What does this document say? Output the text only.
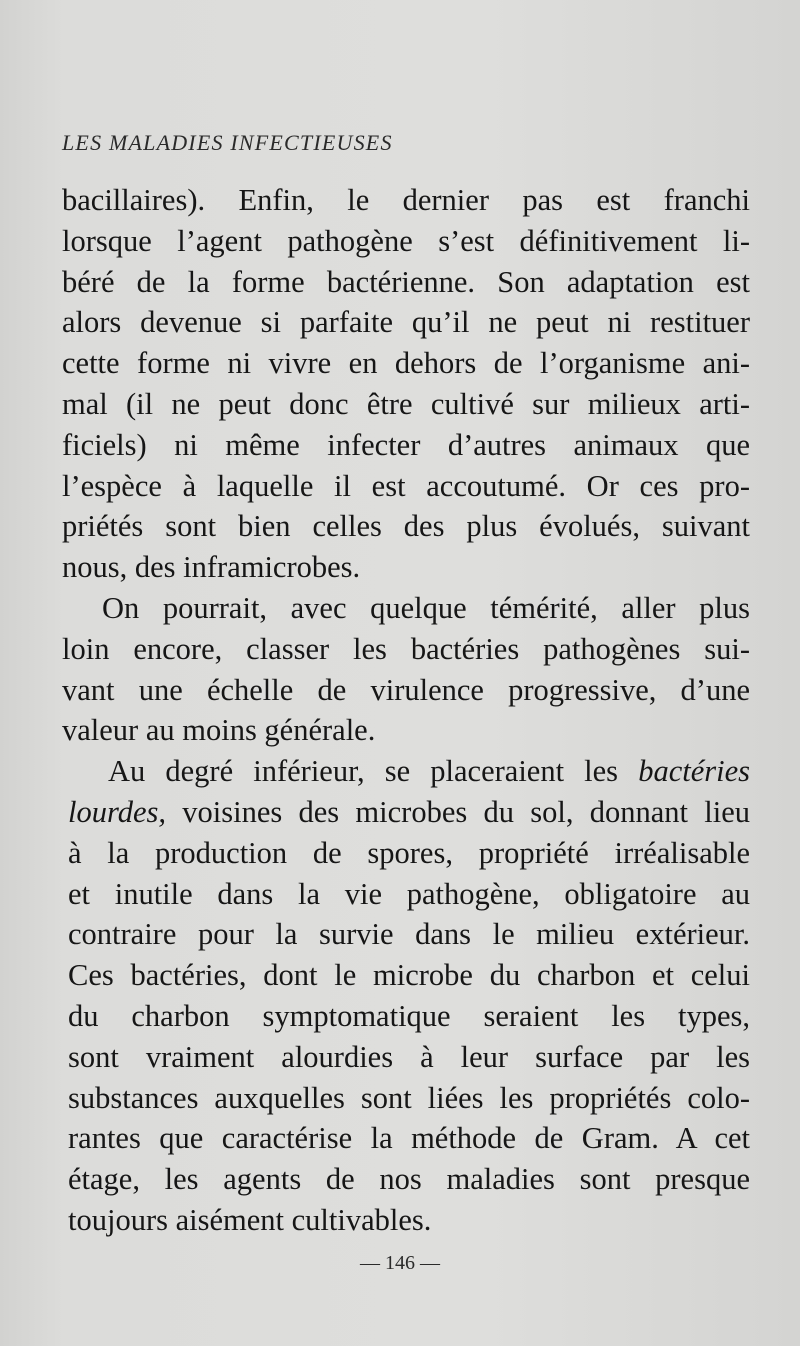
LES MALADIES INFECTIEUSES
bacillaires). Enfin, le dernier pas est franchi
lorsque l’agent pathogène s’est définitivement li-
béré de la forme bactérienne. Son adaptation est
alors devenue si parfaite qu’il ne peut ni restituer
cette forme ni vivre en dehors de l’organisme ani-
mal (il ne peut donc être cultivé sur milieux arti-
ficiels) ni même infecter d’autres animaux que
l’espèce à laquelle il est accoutumé. Or ces pro-
priétés sont bien celles des plus évolués, suivant
nous, des inframicrobes.
On pourrait, avec quelque témérité, aller plus
loin encore, classer les bactéries pathogènes sui-
vant une échelle de virulence progressive, d’une
valeur au moins générale.
Au degré inférieur, se placeraient les bactéries
lourdes, voisines des microbes du sol, donnant lieu
à la production de spores, propriété irréalisable
et inutile dans la vie pathogène, obligatoire au
contraire pour la survie dans le milieu extérieur.
Ces bactéries, dont le microbe du charbon et celui
du charbon symptomatique seraient les types,
sont vraiment alourdies à leur surface par les
substances auxquelles sont liées les propriétés colo-
rantes que caractérise la méthode de Gram. A cet
étage, les agents de nos maladies sont presque
toujours aisément cultivables.
— 146 —
